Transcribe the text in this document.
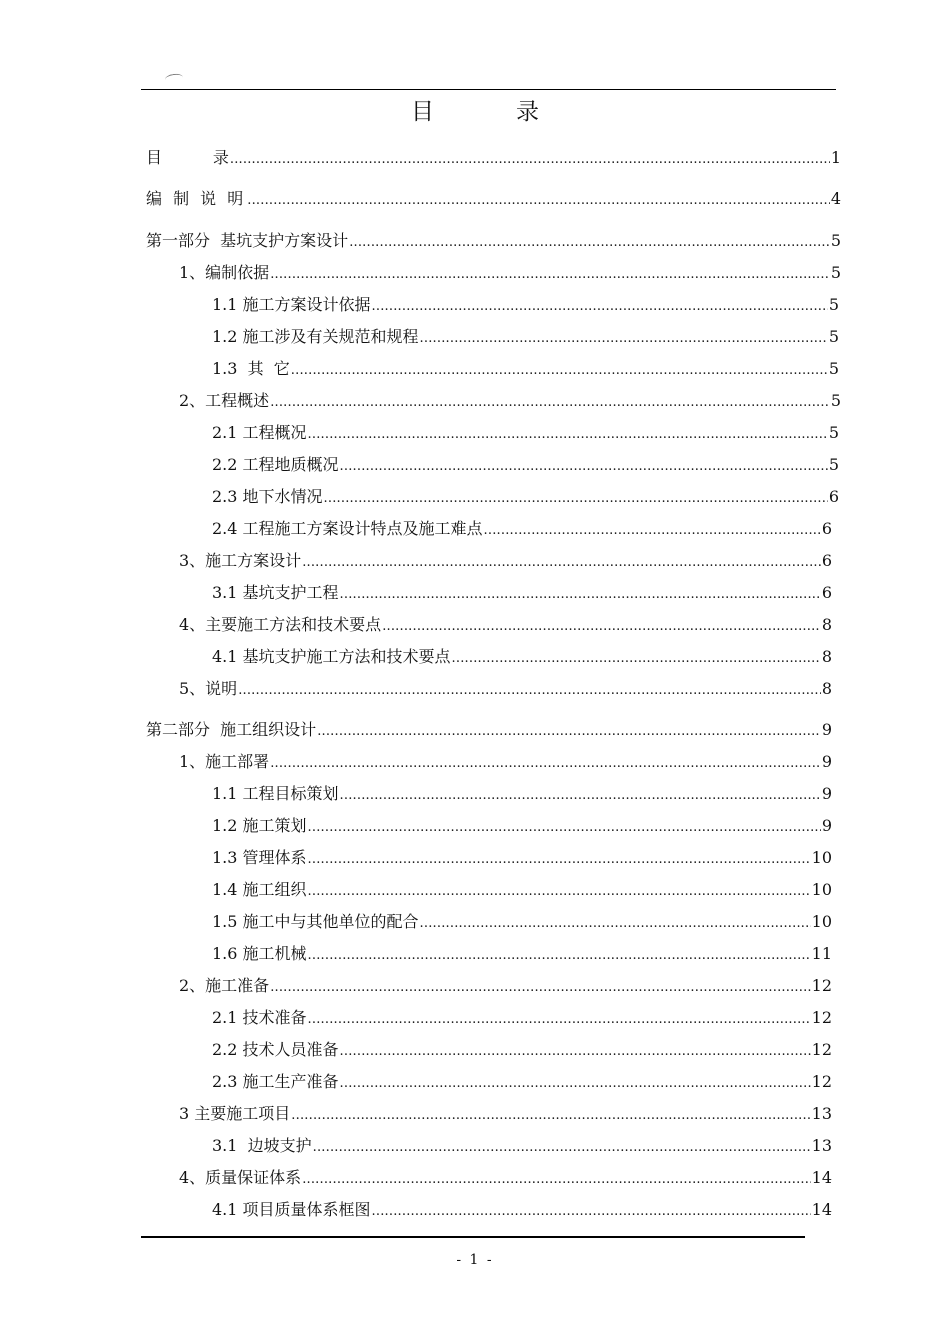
目	录
目          录 .....	1
编 制 说 明 .....	4
第一部分  基坑支护方案设计 .....	5
1、编制依据 .....	5
1.1 施工方案设计依据 .....	5
1.2 施工涉及有关规范和规程 .....	5
1.3  其  它 .....	5
2、工程概述 .....	5
2.1 工程概况 .....	5
2.2 工程地质概况 .....	5
2.3 地下水情况 .....	6
2.4 工程施工方案设计特点及施工难点 .....	6
3、施工方案设计 .....	6
3.1 基坑支护工程 .....	6
4、主要施工方法和技术要点 .....	8
4.1 基坑支护施工方法和技术要点 .....	8
5、说明 .....	8
第二部分  施工组织设计 .....	9
1、施工部署 .....	9
1.1 工程目标策划 .....	9
1.2 施工策划 .....	9
1.3 管理体系 .....	10
1.4 施工组织 .....	10
1.5 施工中与其他单位的配合 .....	10
1.6 施工机械 .....	11
2、施工准备 .....	12
2.1 技术准备 .....	12
2.2 技术人员准备 .....	12
2.3 施工生产准备 .....	12
3 主要施工项目 .....	13
3.1  边坡支护 .....	13
4、质量保证体系 .....	14
4.1 项目质量体系框图 .....	14
- 1 -
